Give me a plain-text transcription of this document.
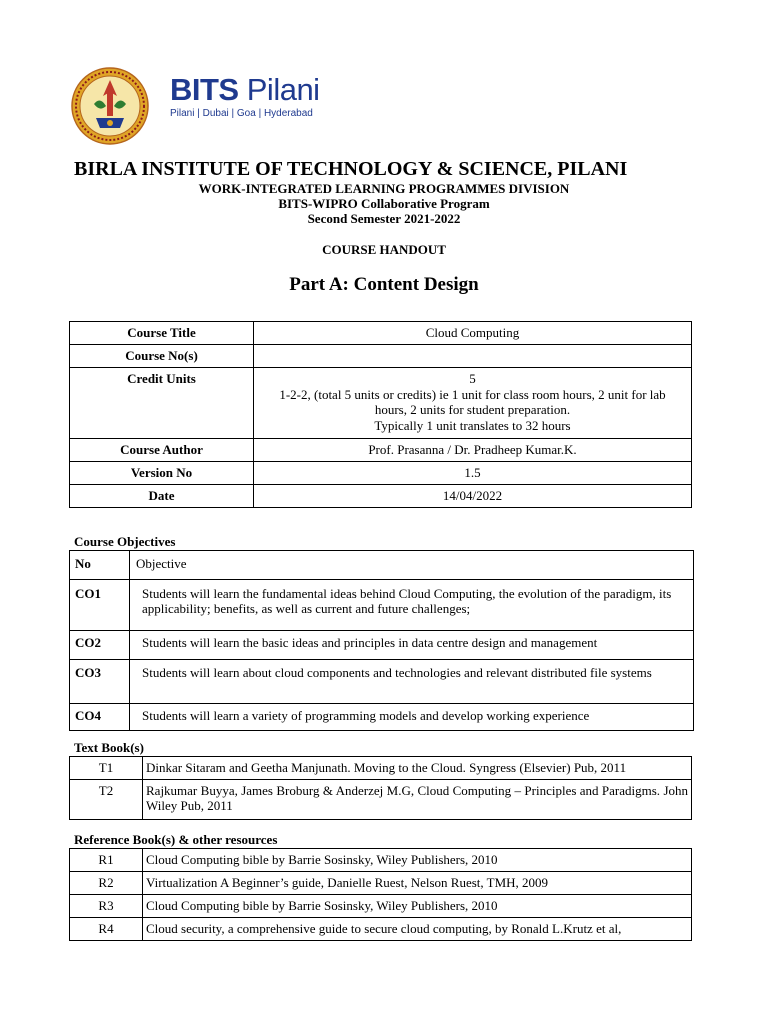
BITS Pilani
Pilani | Dubai | Goa | Hyderabad
BIRLA INSTITUTE OF TECHNOLOGY & SCIENCE, PILANI
WORK-INTEGRATED LEARNING PROGRAMMES DIVISION
BITS-WIPRO Collaborative Program
Second Semester 2021-2022
COURSE HANDOUT
Part A: Content Design
Course Title	Cloud Computing
Course No(s)	
Credit Units	5
1-2-2, (total 5 units or credits) ie 1 unit for class room hours, 2 unit for lab
hours, 2 units for student preparation.
Typically 1 unit translates to 32 hours

Course Author	Prof. Prasanna / Dr. Pradheep Kumar.K.
Version No	1.5
Date	14/04/2022
Course Objectives
No	Objective
CO1	Students will learn the fundamental ideas behind Cloud Computing, the evolution of the paradigm, its applicability; benefits, as well as current and future challenges;
CO2	Students will learn the basic ideas and principles in data centre design and management
CO3	Students will learn about cloud components and technologies and relevant distributed file systems
CO4	Students will learn a variety of programming models and develop working experience
Text Book(s)
T1	Dinkar Sitaram and Geetha Manjunath. Moving to the Cloud. Syngress (Elsevier) Pub, 2011
T2	Rajkumar Buyya, James Broburg & Anderzej M.G, Cloud Computing – Principles and Paradigms. John Wiley Pub, 2011
Reference Book(s) & other resources
R1	Cloud Computing bible by Barrie Sosinsky, Wiley Publishers, 2010
R2	Virtualization A Beginner’s guide, Danielle Ruest, Nelson Ruest, TMH, 2009
R3	Cloud Computing bible by Barrie Sosinsky, Wiley Publishers, 2010
R4	Cloud security, a comprehensive guide to secure cloud computing, by Ronald L.Krutz et al,
